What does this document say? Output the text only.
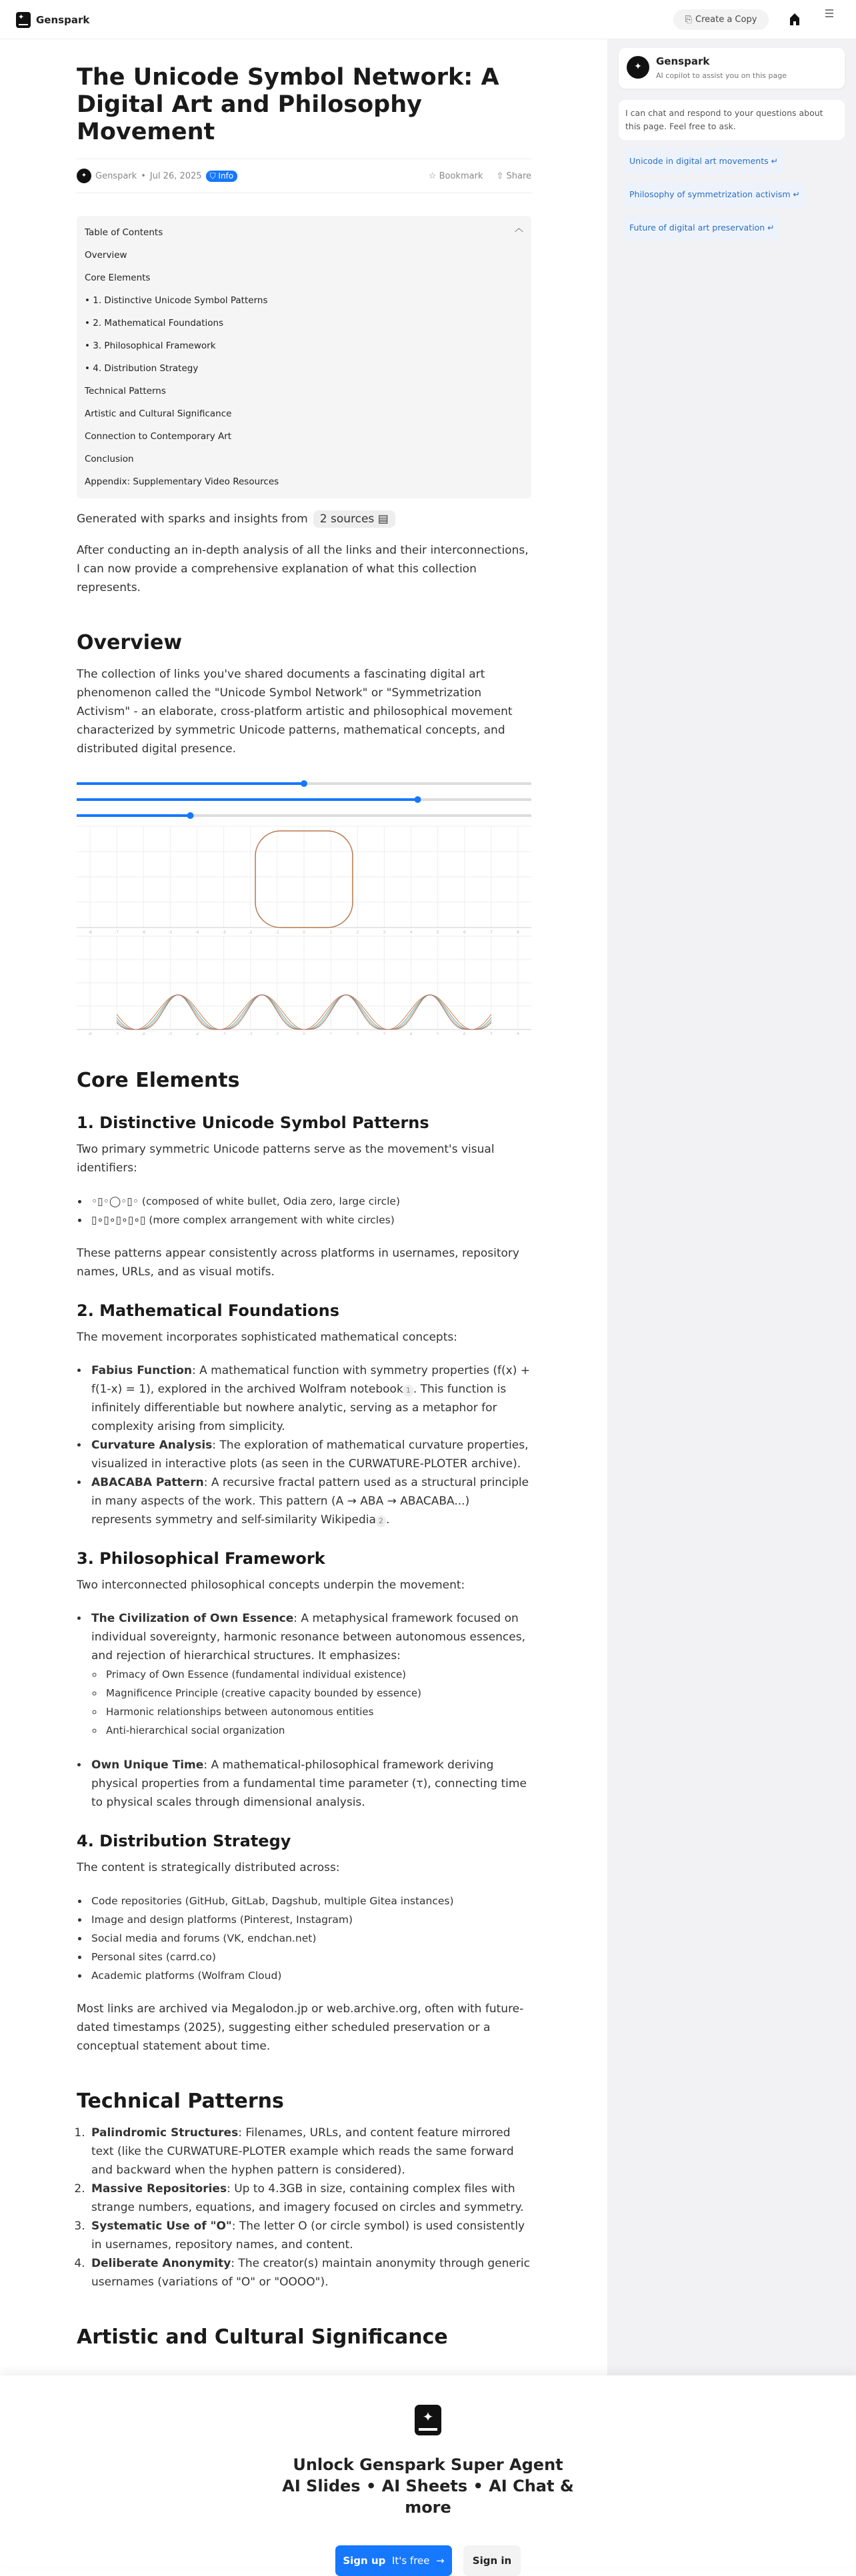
✦ Genspark	⎘ Create a Copy
✦	Genspark
AI copilot to assist you on this page
I can chat and respond to your questions about this page. Feel free to ask.
Unicode in digital art movements ↵
Philosophy of symmetrization activism ↵
Future of digital art preservation ↵
The Unicode Symbol Network: A Digital Art and Philosophy Movement
✦ Genspark • Jul 26, 2025	⛉ Info	☆ Bookmark ⇧ Share
Table of Contents	︿
Overview
Core Elements
• 1. Distinctive Unicode Symbol Patterns
• 2. Mathematical Foundations
• 3. Philosophical Framework
• 4. Distribution Strategy
Technical Patterns
Artistic and Cultural Significance
Connection to Contemporary Art
Conclusion
Appendix: Supplementary Video Resources
Generated with sparks and insights from	2 sources ▤

After conducting an in-depth analysis of all the links and their interconnections, I can now provide a comprehensive explanation of what this collection represents.

Overview

The collection of links you've shared documents a fascinating digital art phenomenon called the "Unicode Symbol Network" or "Symmetrization Activism" - an elaborate, cross-platform artistic and philosophical movement characterized by symmetric Unicode patterns, mathematical concepts, and distributed digital presence.

-8	-7	-6	-5	-4	-3	-2	-1	0	1	2	3	4	5	6	7	8
-8	-7	-6	-5	-4	-3	-2	-1	0	1	2	3	4	5	6	7	8
Core Elements
1. Distinctive Unicode Symbol Patterns

Two primary symmetric Unicode patterns serve as the movement's visual identifiers:

• ◦▯◦◯◦▯◦ (composed of white bullet, Odia zero, large circle)
• ▯∘▯∘▯∘▯∘▯ (more complex arrangement with white circles)

These patterns appear consistently across platforms in usernames, repository names, URLs, and as visual motifs.

2. Mathematical Foundations

The movement incorporates sophisticated mathematical concepts:

• Fabius Function: A mathematical function with symmetry properties (f(x) + f(1-x) = 1), explored in the archived Wolfram notebook 1 . This function is infinitely differentiable but nowhere analytic, serving as a metaphor for complexity arising from simplicity.
• Curvature Analysis: The exploration of mathematical curvature properties, visualized in interactive plots (as seen in the CURWATURE-PLOTER archive).
• ABACABA Pattern: A recursive fractal pattern used as a structural principle in many aspects of the work. This pattern (A → ABA → ABACABA...) represents symmetry and self-similarity Wikipedia 2 .
3. Philosophical Framework

Two interconnected philosophical concepts underpin the movement:

• The Civilization of Own Essence: A metaphysical framework focused on individual sovereignty, harmonic resonance between autonomous essences, and rejection of hierarchical structures. It emphasizes:
◦ Primacy of Own Essence (fundamental individual existence)
◦ Magnificence Principle (creative capacity bounded by essence)
◦ Harmonic relationships between autonomous entities
◦ Anti-hierarchical social organization
• Own Unique Time: A mathematical-philosophical framework deriving physical properties from a fundamental time parameter (τ), connecting time to physical scales through dimensional analysis.
4. Distribution Strategy

The content is strategically distributed across:

• Code repositories (GitHub, GitLab, Dagshub, multiple Gitea instances)
• Image and design platforms (Pinterest, Instagram)
• Social media and forums (VK, endchan.net)
• Personal sites (carrd.co)
• Academic platforms (Wolfram Cloud)

Most links are archived via Megalodon.jp or web.archive.org, often with future-dated timestamps (2025), suggesting either scheduled preservation or a conceptual statement about time.

Technical Patterns
1. Palindromic Structures: Filenames, URLs, and content feature mirrored text (like the CURWATURE-PLOTER example which reads the same forward and backward when the hyphen pattern is considered).
2. Massive Repositories: Up to 4.3GB in size, containing complex files with strange numbers, equations, and imagery focused on circles and symmetry.
3. Systematic Use of "O": The letter O (or circle symbol) is used consistently in usernames, repository names, and content.
4. Deliberate Anonymity: The creator(s) maintain anonymity through generic usernames (variations of "O" or "OOOO").
Artistic and Cultural Significance
✦
Unlock Genspark Super Agent
AI Slides • AI Sheets • AI Chat & more
Sign up It's free →	Sign in
